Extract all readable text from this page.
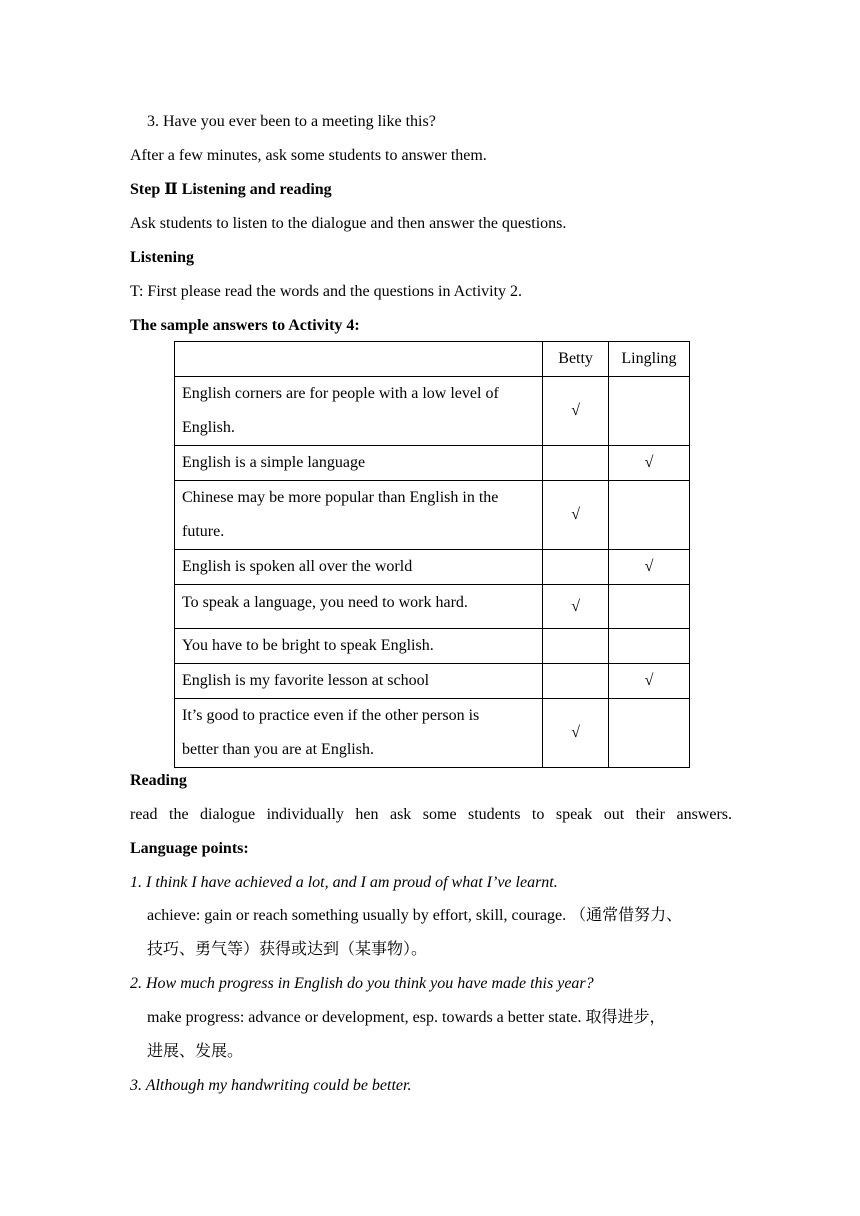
3. Have you ever been to a meeting like this?
After a few minutes, ask some students to answer them.
Step Ⅱ Listening and reading
Ask students to listen to the dialogue and then answer the questions.
Listening
T: First please read the words and the questions in Activity 2.
The sample answers to Activity 4:
	Betty	Lingling
English corners are for people with a low level of
English.	√	
English is a simple language		√
Chinese may be more popular than English in the
future.	√	
English is spoken all over the world		√
To speak a language, you need to work hard.	√	
You have to be bright to speak English.		
English is my favorite lesson at school		√
It’s good to practice even if the other person is
better than you are at English.	√	
Reading
read the dialogue individually hen ask some students to speak out their answers.
Language points:
1. I think I have achieved a lot, and I am proud of what I’ve learnt.
achieve: gain or reach something usually by effort, skill, courage. （通常借努力、
技巧、勇气等）获得或达到（某事物）。
2. How much progress in English do you think you have made this year?
make progress: advance or development, esp. towards a better state. 取得进步，
进展、发展。
3. Although my handwriting could be better.
